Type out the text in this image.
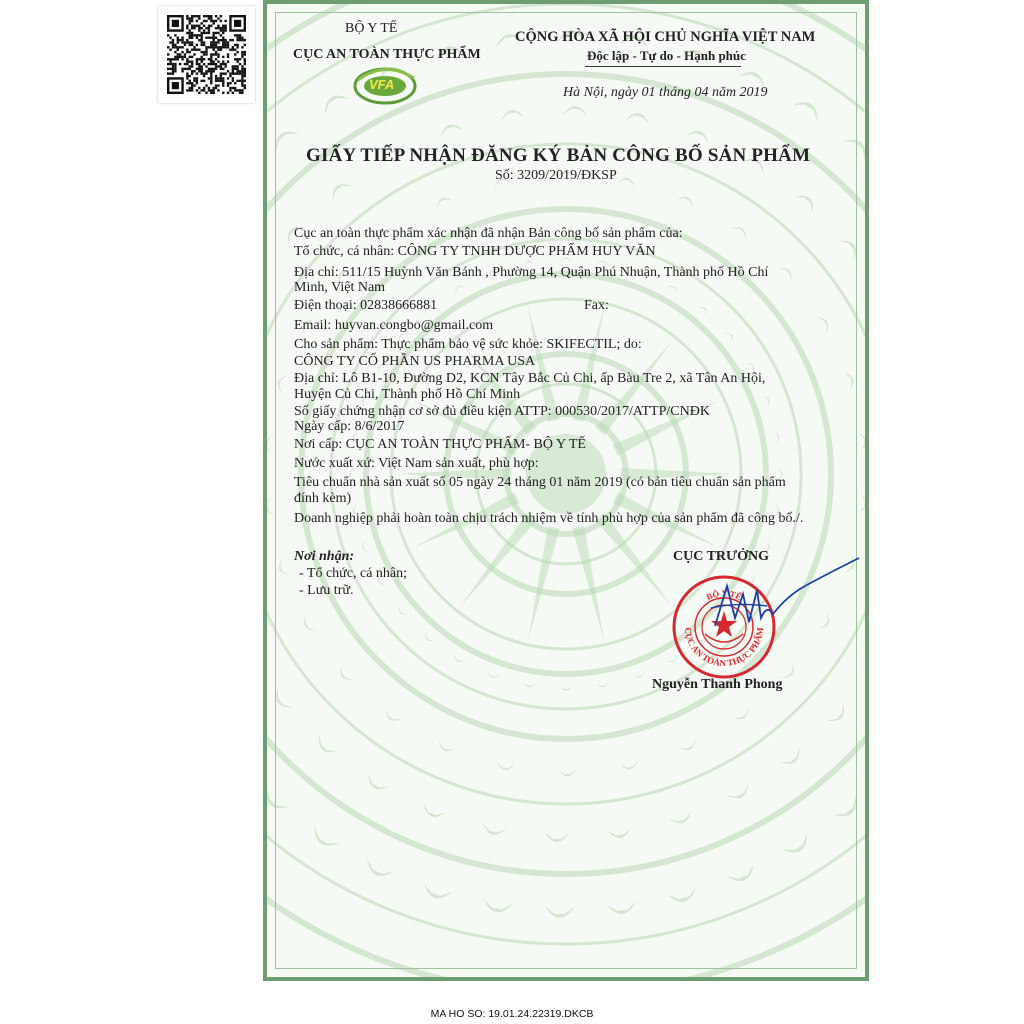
BỘ Y TẾ
CỤC AN TOÀN THỰC PHẨM
VFA
CỘNG HÒA XÃ HỘI CHỦ NGHĨA VIỆT NAM
Độc lập - Tự do - Hạnh phúc
Hà Nội, ngày 01 tháng 04 năm 2019
GIẤY TIẾP NHẬN ĐĂNG KÝ BẢN CÔNG BỐ SẢN PHẨM
Số: 3209/2019/ĐKSP
Cục an toàn thực phẩm xác nhận đã nhận Bản công bố sản phẩm của:
Tổ chức, cá nhân: CÔNG TY TNHH DƯỢC PHẨM HUY VĂN
Địa chỉ: 511/15 Huỳnh Văn Bánh , Phường 14, Quận Phú Nhuận, Thành phố Hồ Chí
Minh, Việt Nam
Điện thoại: 02838666881	Fax:
Email: huyvan.congbo@gmail.com
Cho sản phẩm: Thực phẩm bảo vệ sức khỏe: SKIFECTIL; do:
CÔNG TY CỔ PHẦN US PHARMA USA
Địa chỉ: Lô B1-10, Đường D2, KCN Tây Bắc Củ Chi, ấp Bàu Tre 2, xã Tân An Hội,
Huyện Củ Chi, Thành phố Hồ Chí Minh
Số giấy chứng nhận cơ sở đủ điều kiện ATTP: 000530/2017/ATTP/CNĐK
Ngày cấp: 8/6/2017
Nơi cấp: CỤC AN TOÀN THỰC PHẨM- BỘ Y TẾ
Nước xuất xứ: Việt Nam sản xuất, phù hợp:
Tiêu chuẩn nhà sản xuất số 05 ngày 24 tháng 01 năm 2019 (có bản tiêu chuẩn sản phẩm
đính kèm)
Doanh nghiệp phải hoàn toàn chịu trách nhiệm về tính phù hợp của sản phẩm đã công bố./.
Nơi nhận:
- Tổ chức, cá nhân;
- Lưu trữ.
CỤC TRƯỞNG
BỘ Y TẾ
CỤC AN TOÀN THỰC PHẨM
Nguyễn Thanh Phong
MA HO SO: 19.01.24.22319.DKCB
